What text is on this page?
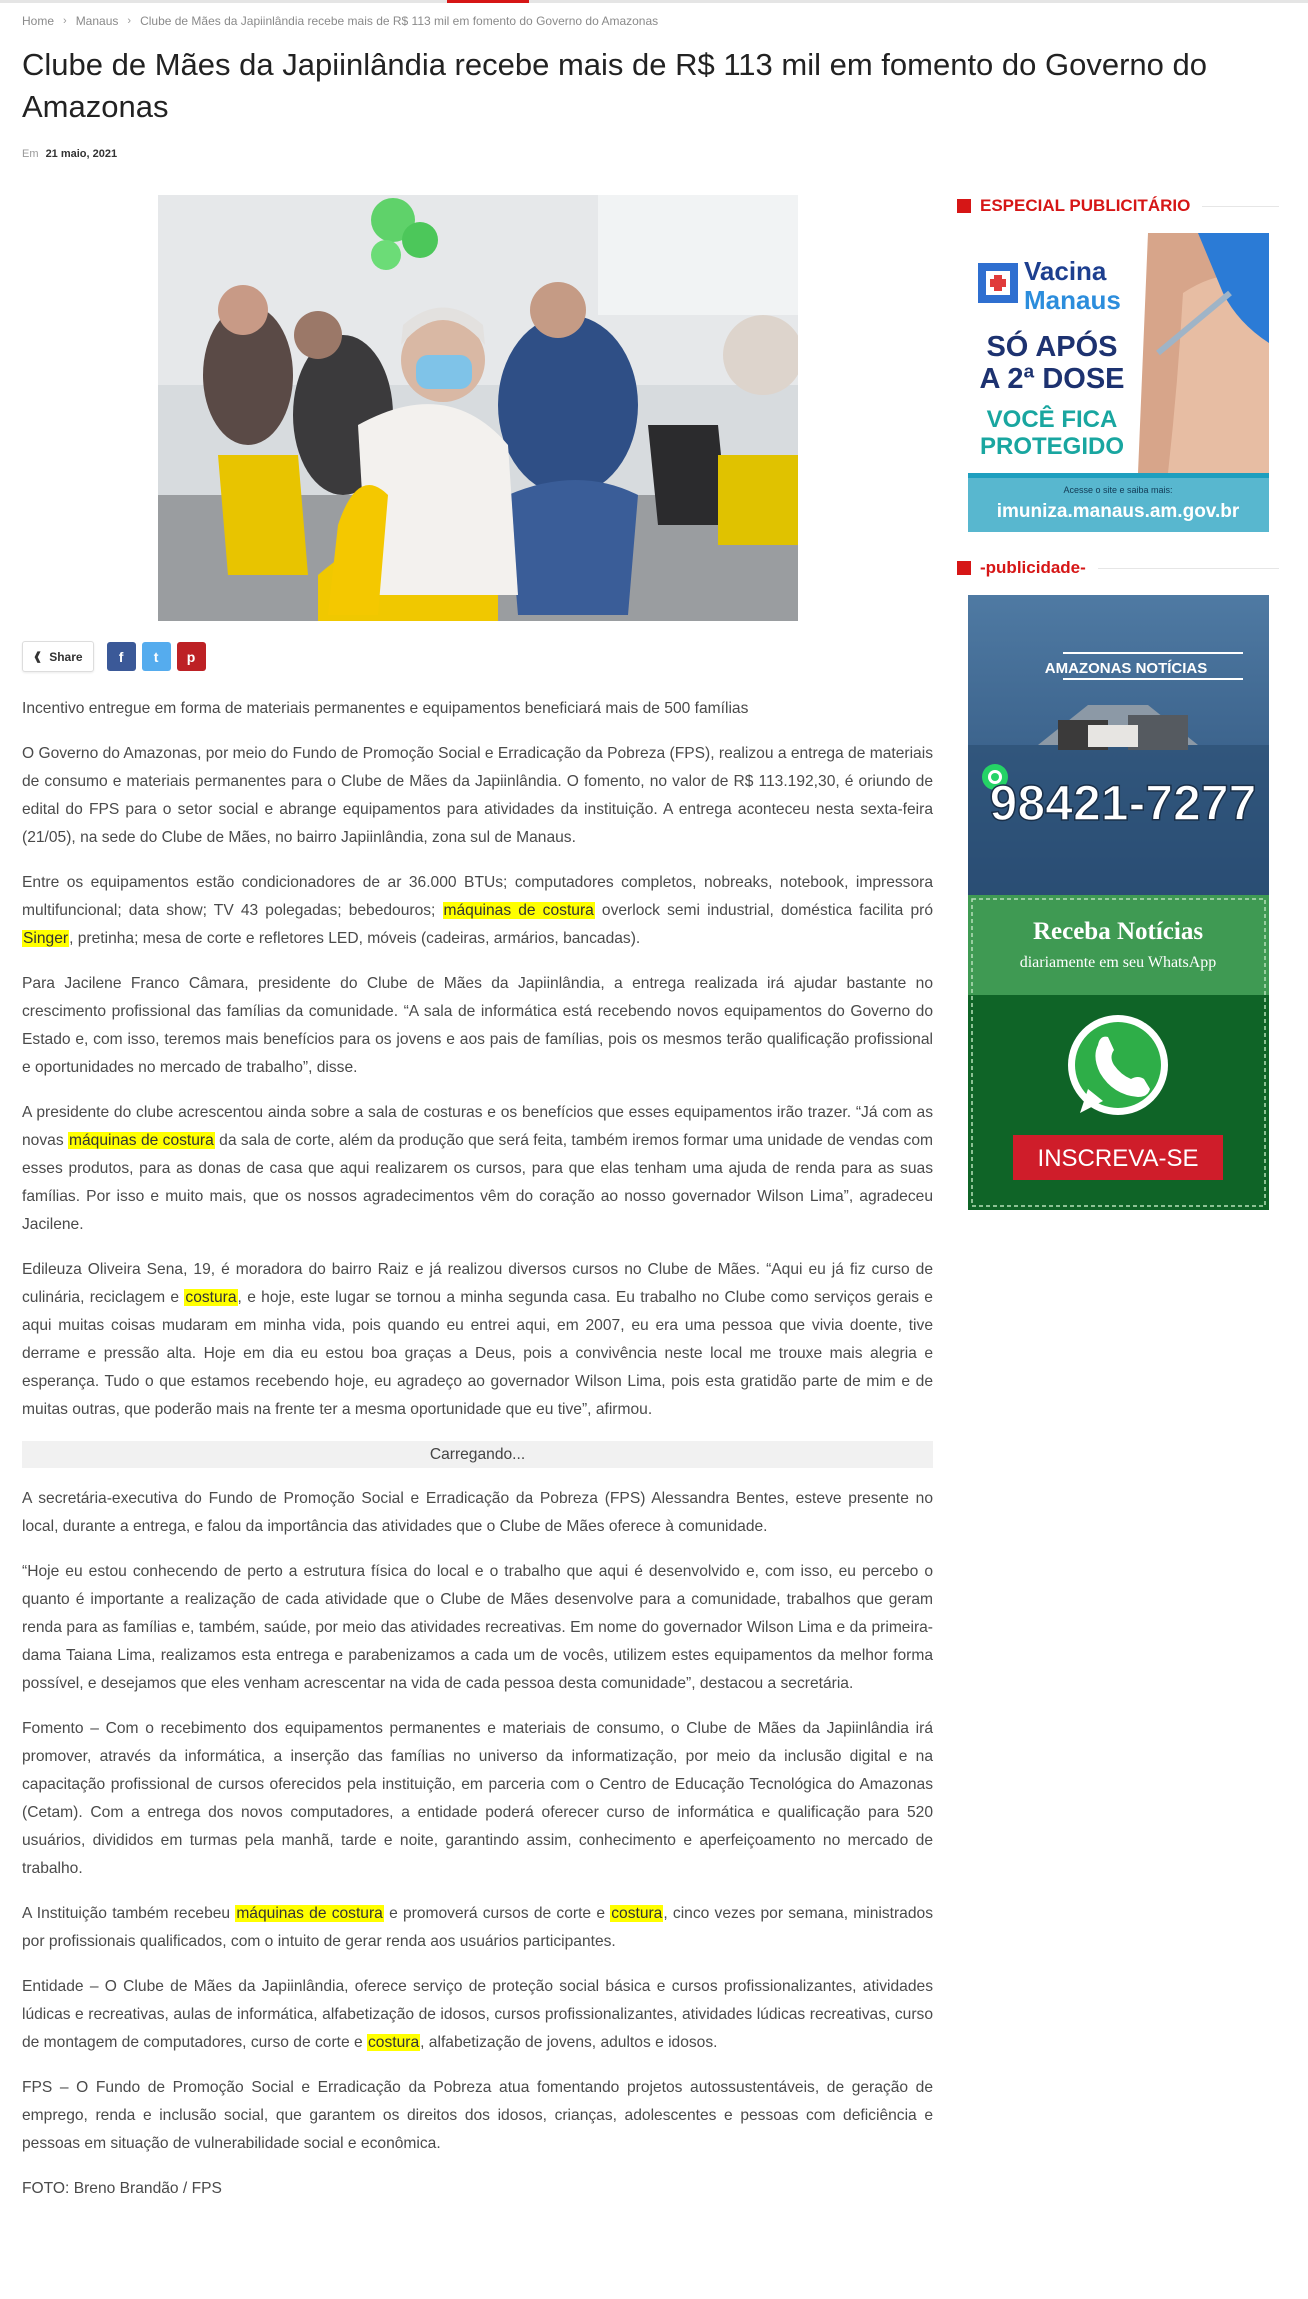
Home › Manaus › Clube de Mães da Japiinlândia recebe mais de R$ 113 mil em fomento do Governo do Amazonas
Clube de Mães da Japiinlândia recebe mais de R$ 113 mil em fomento do Governo do Amazonas
Em 21 maio, 2021
❰ Share	f t p

Incentivo entregue em forma de materiais permanentes e equipamentos beneficiará mais de 500 famílias

O Governo do Amazonas, por meio do Fundo de Promoção Social e Erradicação da Pobreza (FPS), realizou a entrega de materiais de consumo e materiais permanentes para o Clube de Mães da Japiinlândia. O fomento, no valor de R$ 113.192,30, é oriundo de edital do FPS para o setor social e abrange equipamentos para atividades da instituição. A entrega aconteceu nesta sexta-feira (21/05), na sede do Clube de Mães, no bairro Japiinlândia, zona sul de Manaus.

Entre os equipamentos estão condicionadores de ar 36.000 BTUs; computadores completos, nobreaks, notebook, impressora multifuncional; data show; TV 43 polegadas; bebedouros; máquinas de costura overlock semi industrial, doméstica facilita pró Singer, pretinha; mesa de corte e refletores LED, móveis (cadeiras, armários, bancadas).

Para Jacilene Franco Câmara, presidente do Clube de Mães da Japiinlândia, a entrega realizada irá ajudar bastante no crescimento profissional das famílias da comunidade. “A sala de informática está recebendo novos equipamentos do Governo do Estado e, com isso, teremos mais benefícios para os jovens e aos pais de famílias, pois os mesmos terão qualificação profissional e oportunidades no mercado de trabalho”, disse.

A presidente do clube acrescentou ainda sobre a sala de costuras e os benefícios que esses equipamentos irão trazer. “Já com as novas máquinas de costura da sala de corte, além da produção que será feita, também iremos formar uma unidade de vendas com esses produtos, para as donas de casa que aqui realizarem os cursos, para que elas tenham uma ajuda de renda para as suas famílias. Por isso e muito mais, que os nossos agradecimentos vêm do coração ao nosso governador Wilson Lima”, agradeceu Jacilene.

Edileuza Oliveira Sena, 19, é moradora do bairro Raiz e já realizou diversos cursos no Clube de Mães. “Aqui eu já fiz curso de culinária, reciclagem e costura, e hoje, este lugar se tornou a minha segunda casa. Eu trabalho no Clube como serviços gerais e aqui muitas coisas mudaram em minha vida, pois quando eu entrei aqui, em 2007, eu era uma pessoa que vivia doente, tive derrame e pressão alta. Hoje em dia eu estou boa graças a Deus, pois a convivência neste local me trouxe mais alegria e esperança. Tudo o que estamos recebendo hoje, eu agradeço ao governador Wilson Lima, pois esta gratidão parte de mim e de muitas outras, que poderão mais na frente ter a mesma oportunidade que eu tive”, afirmou.

Carregando...

A secretária-executiva do Fundo de Promoção Social e Erradicação da Pobreza (FPS) Alessandra Bentes, esteve presente no local, durante a entrega, e falou da importância das atividades que o Clube de Mães oferece à comunidade.

“Hoje eu estou conhecendo de perto a estrutura física do local e o trabalho que aqui é desenvolvido e, com isso, eu percebo o quanto é importante a realização de cada atividade que o Clube de Mães desenvolve para a comunidade, trabalhos que geram renda para as famílias e, também, saúde, por meio das atividades recreativas. Em nome do governador Wilson Lima e da primeira-dama Taiana Lima, realizamos esta entrega e parabenizamos a cada um de vocês, utilizem estes equipamentos da melhor forma possível, e desejamos que eles venham acrescentar na vida de cada pessoa desta comunidade”, destacou a secretária.

Fomento – Com o recebimento dos equipamentos permanentes e materiais de consumo, o Clube de Mães da Japiinlândia irá promover, através da informática, a inserção das famílias no universo da informatização, por meio da inclusão digital e na capacitação profissional de cursos oferecidos pela instituição, em parceria com o Centro de Educação Tecnológica do Amazonas (Cetam). Com a entrega dos novos computadores, a entidade poderá oferecer curso de informática e qualificação para 520 usuários, divididos em turmas pela manhã, tarde e noite, garantindo assim, conhecimento e aperfeiçoamento no mercado de trabalho.

A Instituição também recebeu máquinas de costura e promoverá cursos de corte e costura, cinco vezes por semana, ministrados por profissionais qualificados, com o intuito de gerar renda aos usuários participantes.

Entidade – O Clube de Mães da Japiinlândia, oferece serviço de proteção social básica e cursos profissionalizantes, atividades lúdicas e recreativas, aulas de informática, alfabetização de idosos, cursos profissionalizantes, atividades lúdicas recreativas, curso de montagem de computadores, curso de corte e costura, alfabetização de jovens, adultos e idosos.

FPS – O Fundo de Promoção Social e Erradicação da Pobreza atua fomentando projetos autossustentáveis, de geração de emprego, renda e inclusão social, que garantem os direitos dos idosos, crianças, adolescentes e pessoas com deficiência e pessoas em situação de vulnerabilidade social e econômica.

FOTO: Breno Brandão / FPS

ESPECIAL PUBLICITÁRIO
Vacina
Manaus
SÓ APÓS
A 2ª DOSE
VOCÊ FICA
PROTEGIDO
Acesse o site e saiba mais:
imuniza.manaus.am.gov.br
-publicidade-
AMAZONAS NOTÍCIAS
98421-7277
Receba Notícias
diariamente em seu WhatsApp
INSCREVA-SE
